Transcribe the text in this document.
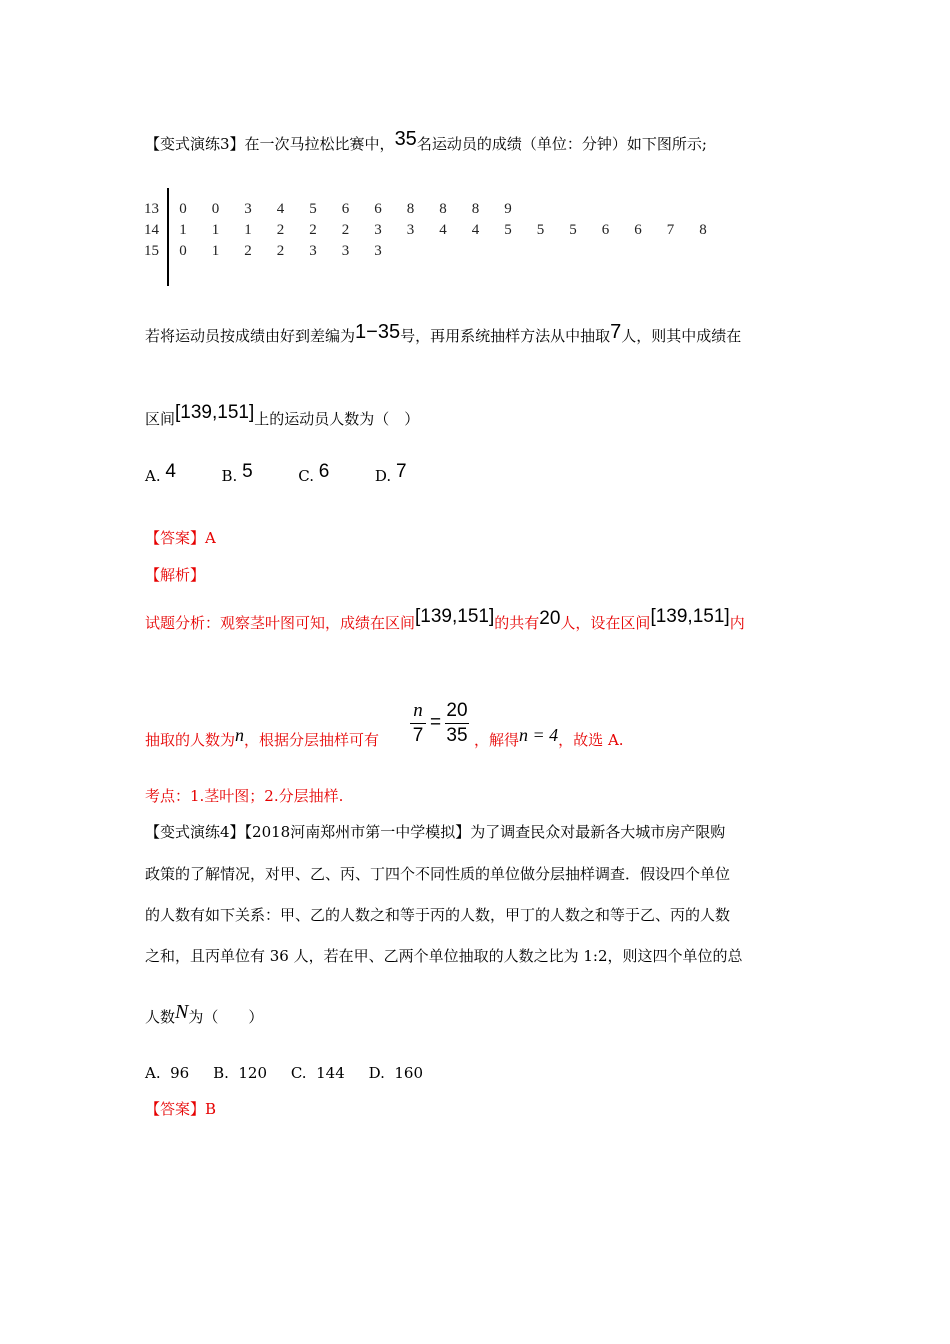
【变式演练3】在一次马拉松比赛中，35名运动员的成绩（单位：分钟）如下图所示;
13 0 0 3 4 5 6 6 8 8 8 9
14 1 1 1 2 2 2 3 3 4 4 5 5 5 6 6 7 8
15 0 1 2 2 3 3 3
若将运动员按成绩由好到差编为1−35号，再用系统抽样方法从中抽取7人，则其中成绩在
区间[139,151]上的运动员人数为（　）
A. 4	B. 5	C. 6	D. 7
【答案】A
【解析】
试题分析：观察茎叶图可知，成绩在区间[139,151]的共有20人，设在区间[139,151]内
抽取的人数为n，根据分层抽样可有
n
7
=
20
35 ，解得n = 4，故选 A.
考点：1.茎叶图；2.分层抽样.
【变式演练4】【2018河南郑州市第一中学模拟】为了调查民众对最新各大城市房产限购
政策的了解情况，对甲、乙、丙、丁四个不同性质的单位做分层抽样调查．假设四个单位
的人数有如下关系：甲、乙的人数之和等于丙的人数，甲丁的人数之和等于乙、丙的人数
之和，且丙单位有 36 人，若在甲、乙两个单位抽取的人数之比为 1:2，则这四个单位的总
人数N为（　　）
A.  96     B.  120     C.  144     D.  160
【答案】B
